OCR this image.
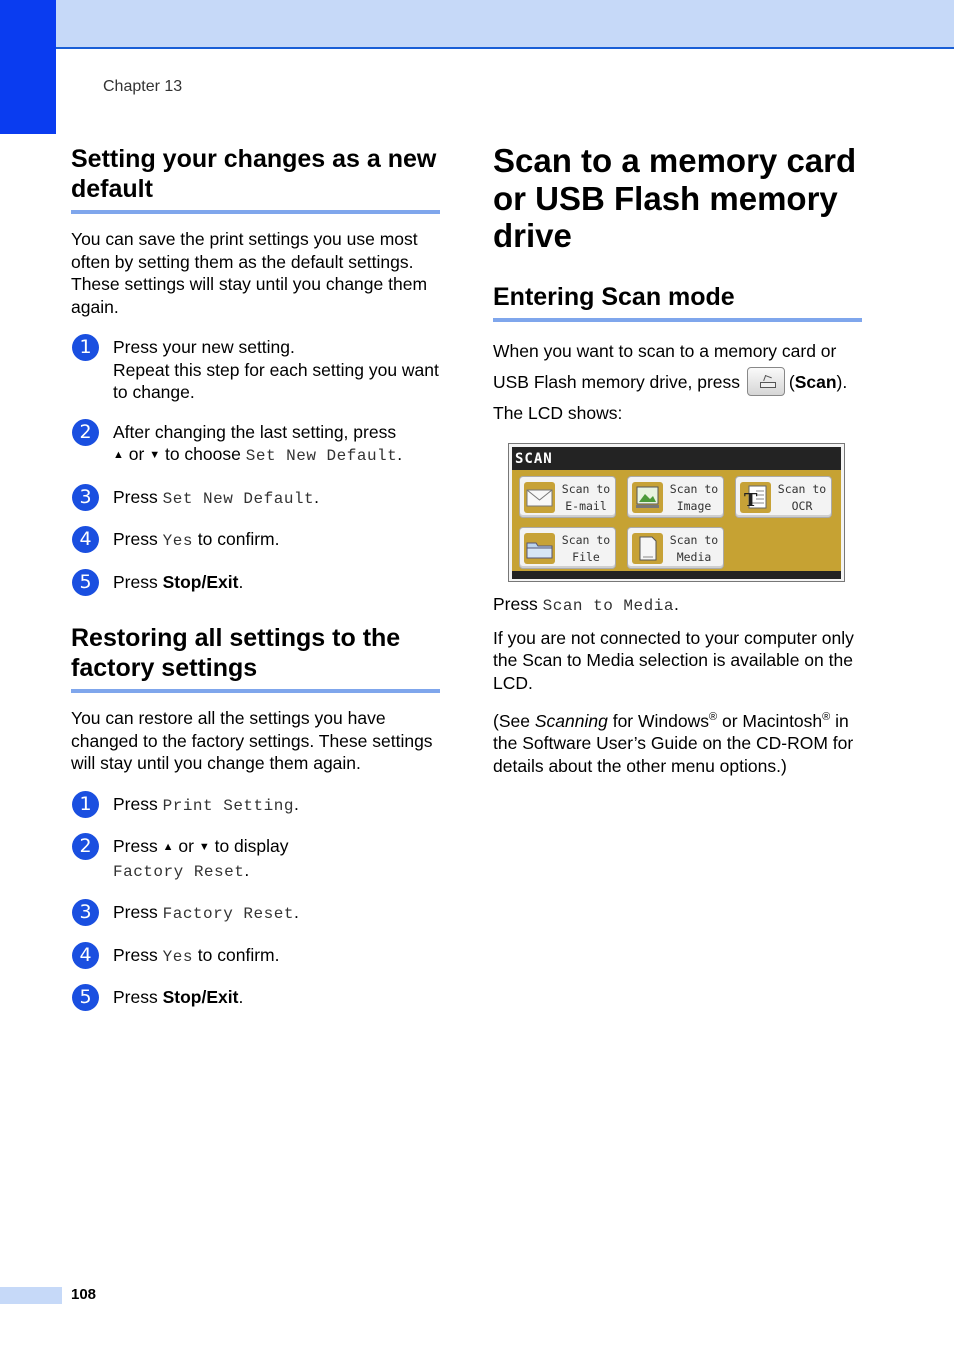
Chapter 13
Setting your changes as a new default

You can save the print settings you use most often by setting them as the default settings. These settings will stay until you change them again.

1	Press your new setting.
Repeat this step for each setting you want to change.
2	After changing the last setting, press
▲ or ▼ to choose Set New Default.
3	Press Set New Default.
4	Press Yes to confirm.
5	Press Stop/Exit.
Restoring all settings to the factory settings

You can restore all the settings you have changed to the factory settings. These settings will stay until you change them again.

1	Press Print Setting.
2	Press ▲ or ▼ to display
Factory Reset.
3	Press Factory Reset.
4	Press Yes to confirm.
5	Press Stop/Exit.
Scan to a memory card or USB Flash memory drive
Entering Scan mode

When you want to scan to a memory card or USB Flash memory drive, press	(Scan).

The LCD shows:

SCAN
Scan to
E-mail
Scan to
Image	T
Scan to
OCR
Scan to
File
Scan to
Media

Press Scan to Media.

If you are not connected to your computer only the Scan to Media selection is available on the LCD.

(See Scanning for Windows® or Macintosh® in the Software User’s Guide on the CD-ROM for details about the other menu options.)

108
